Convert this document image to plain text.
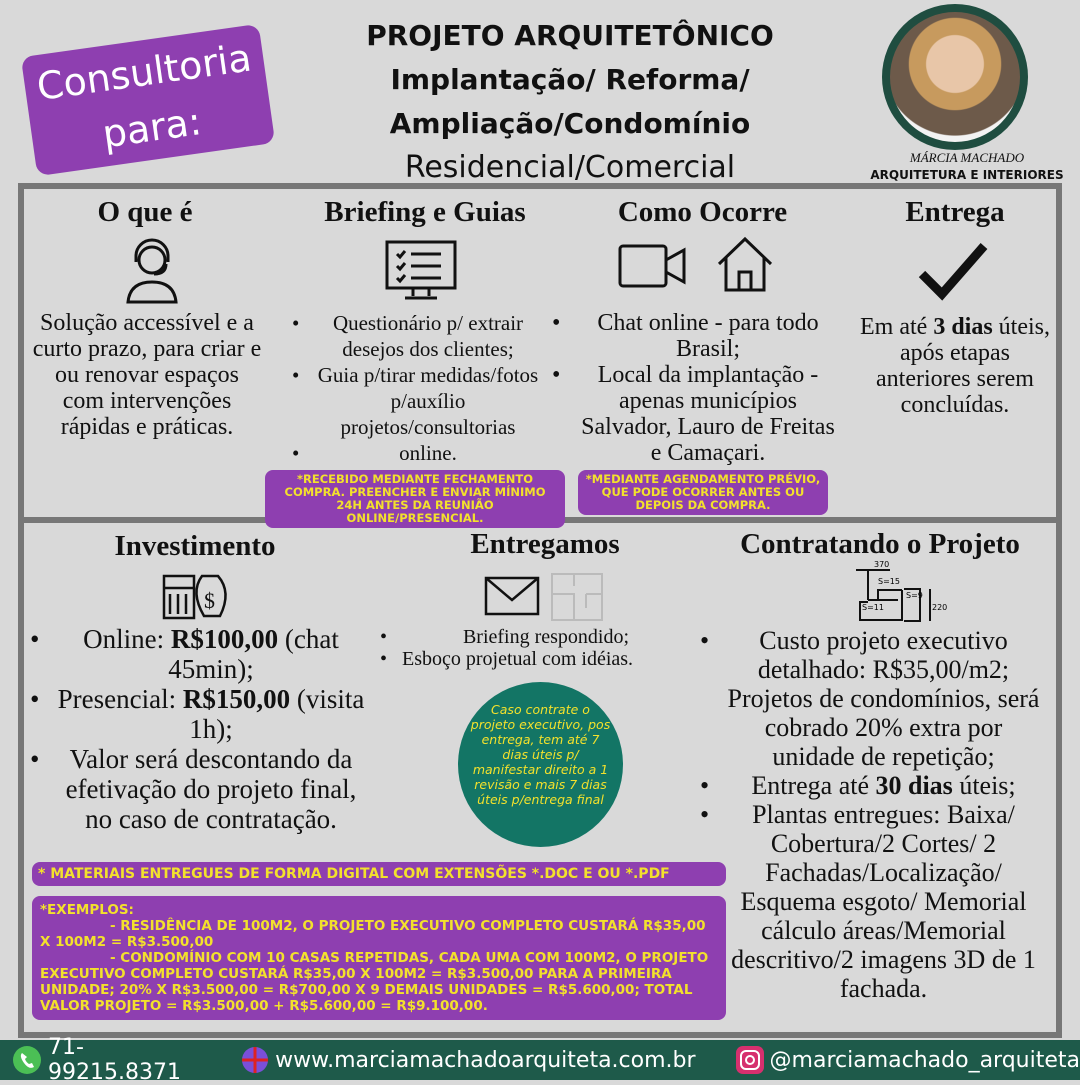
Consultoria
para:
PROJETO ARQUITETÔNICO
Implantação/ Reforma/
Ampliação/Condomínio
Residencial/Comercial	MÁRCIA MACHADO
ARQUITETURA E INTERIORES
O que é
Solução accessível e a curto prazo, para criar e ou renovar espaços com intervenções rápidas e práticas.
Briefing e Guias
• Questionário p/ extrair desejos dos clientes;
• Guia p/tirar medidas/fotos p/auxílio projetos/consultorias
• online.
*RECEBIDO MEDIANTE FECHAMENTO COMPRA. PREENCHER E ENVIAR MÍNIMO 24H ANTES DA REUNIÃO ONLINE/PRESENCIAL.
Como Ocorre
• Chat online - para todo Brasil;
• Local da implantação - apenas municípios Salvador, Lauro de Freitas e Camaçari.
*MEDIANTE AGENDAMENTO PRÉVIO, QUE PODE OCORRER ANTES OU DEPOIS DA COMPRA.
Entrega
Em até 3 dias úteis, após etapas anteriores serem concluídas.
Investimento
$
• Online: R$100,00 (chat 45min);
• Presencial: R$150,00 (visita 1h);
• Valor será descontando da efetivação do projeto final, no caso de contratação.
Entregamos
• Briefing respondido;
• Esboço projetual com idéias.
Caso contrate o projeto executivo, pos entrega, tem até 7 dias úteis p/ manifestar direito a 1 revisão e mais 7 dias úteis p/entrega final
Contratando o Projeto
370
S=15
S=9
S=11	220
• Custo projeto executivo detalhado: R$35,00/m2; Projetos de condomínios, será cobrado 20% extra por unidade de repetição;
• Entrega até 30 dias úteis;
• Plantas entregues: Baixa/ Cobertura/2 Cortes/ 2 Fachadas/Localização/ Esquema esgoto/ Memorial cálculo áreas/Memorial descritivo/2 imagens 3D de 1 fachada.
* MATERIAIS ENTREGUES DE FORMA DIGITAL COM EXTENSÕES *.DOC E OU *.PDF
*EXEMPLOS:
- RESIDÊNCIA DE 100M2, O PROJETO EXECUTIVO COMPLETO CUSTARÁ R$35,00 X 100M2 = R$3.500,00
- CONDOMÍNIO COM 10 CASAS REPETIDAS, CADA UMA COM 100M2, O PROJETO EXECUTIVO COMPLETO CUSTARÁ R$35,00 X 100M2 = R$3.500,00 PARA A PRIMEIRA UNIDADE; 20% X R$3.500,00 = R$700,00 X 9 DEMAIS UNIDADES = R$5.600,00; TOTAL VALOR PROJETO = R$3.500,00 + R$5.600,00 = R$9.100,00.
71-99215.8371	www.marciamachadoarquiteta.com.br	@marciamachado_arquiteta
